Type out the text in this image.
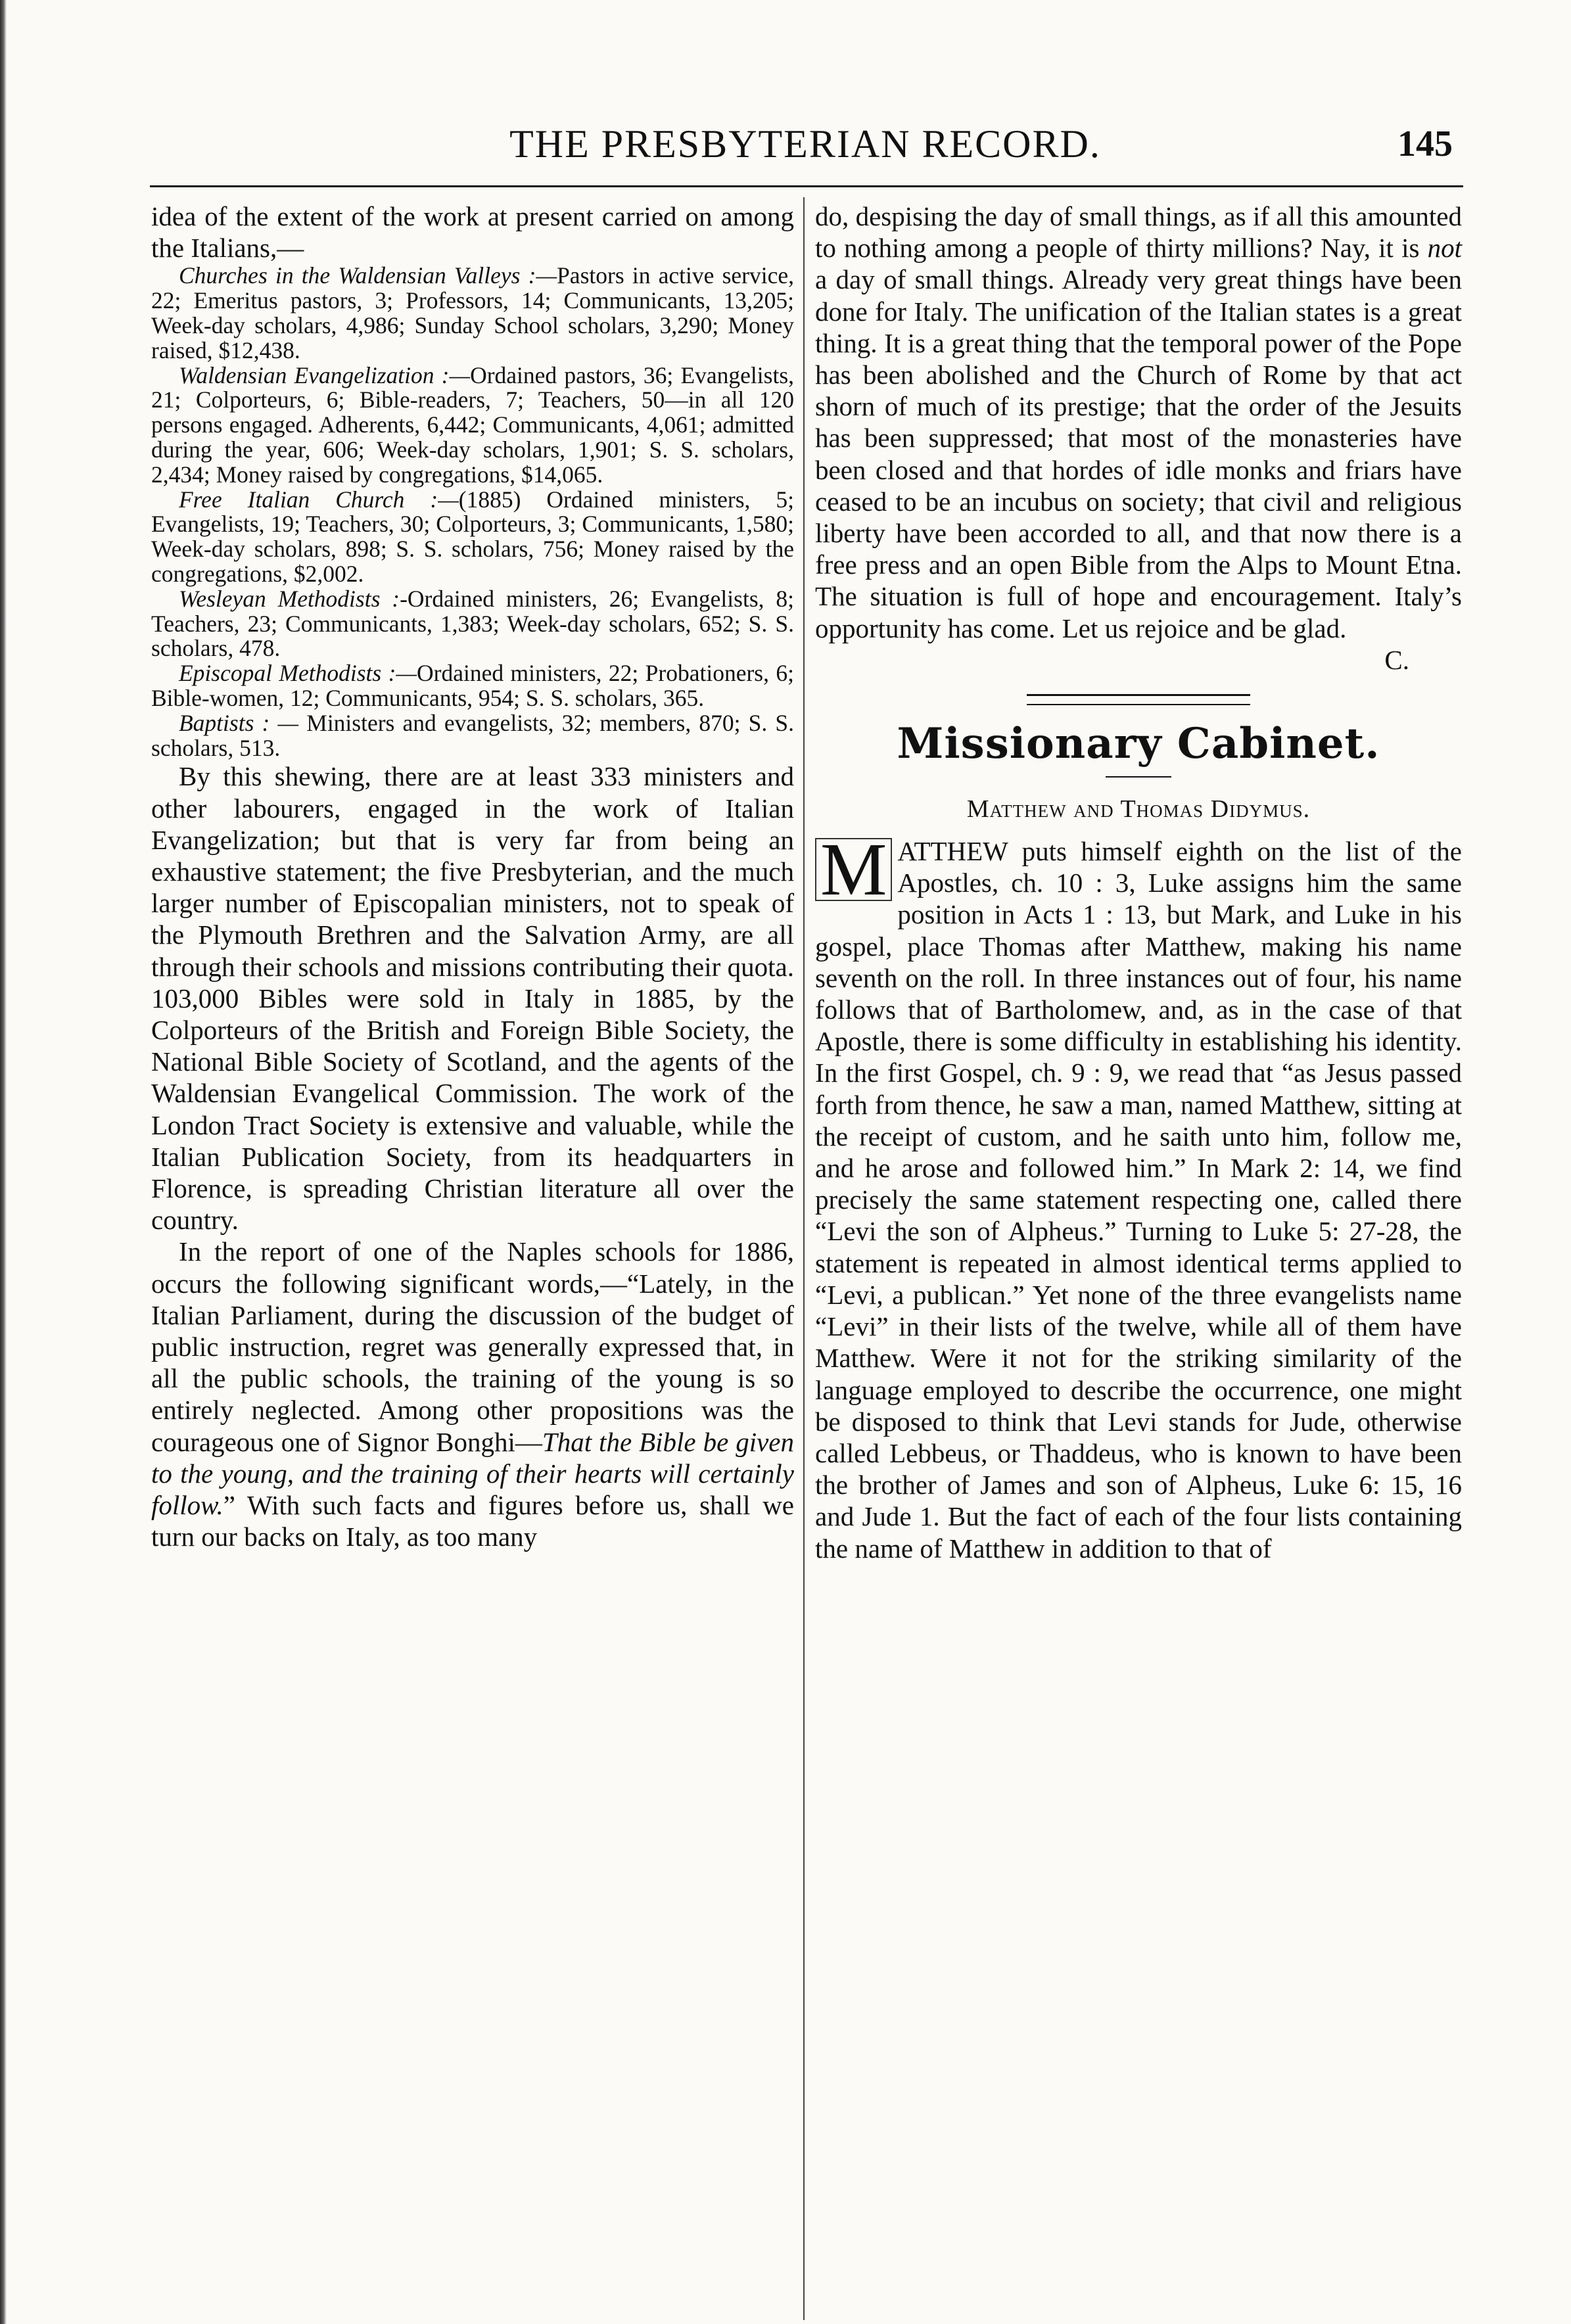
THE PRESBYTERIAN RECORD.	145

idea of the extent of the work at present carried on among the Italians,—

Churches in the Waldensian Valleys :—Pastors in active service, 22; Emeritus pastors, 3; Professors, 14; Communicants, 13,205; Week-day scholars, 4,986; Sunday School scholars, 3,290; Money raised, $12,438.

Waldensian Evangelization :—Ordained pastors, 36; Evangelists, 21; Colporteurs, 6; Bible-readers, 7; Teachers, 50—in all 120 persons engaged. Adherents, 6,442; Communicants, 4,061; admitted during the year, 606; Week-day scholars, 1,901; S. S. scholars, 2,434; Money raised by congregations, $14,065.

Free Italian Church :—(1885) Ordained ministers, 5; Evangelists, 19; Teachers, 30; Colporteurs, 3; Communicants, 1,580; Week-day scholars, 898; S. S. scholars, 756; Money raised by the congregations, $2,002.

Wesleyan Methodists :-Ordained ministers, 26; Evangelists, 8; Teachers, 23; Communicants, 1,383; Week-day scholars, 652; S. S. scholars, 478.

Episcopal Methodists :—Ordained ministers, 22; Probationers, 6; Bible-women, 12; Communicants, 954; S. S. scholars, 365.

Baptists : — Ministers and evangelists, 32; members, 870; S. S. scholars, 513.

By this shewing, there are at least 333 ministers and other labourers, engaged in the work of Italian Evangelization; but that is very far from being an exhaustive statement; the five Presbyterian, and the much larger number of Episcopalian ministers, not to speak of the Plymouth Brethren and the Salvation Army, are all through their schools and missions contributing their quota. 103,000 Bibles were sold in Italy in 1885, by the Colporteurs of the British and Foreign Bible Society, the National Bible Society of Scotland, and the agents of the Waldensian Evangelical Commission. The work of the London Tract Society is extensive and valuable, while the Italian Publication Society, from its headquarters in Florence, is spreading Christian literature all over the country.

In the report of one of the Naples schools for 1886, occurs the following significant words,—“Lately, in the Italian Parliament, during the discussion of the budget of public instruction, regret was generally expressed that, in all the public schools, the training of the young is so entirely neglected. Among other propositions was the courageous one of Signor Bonghi—That the Bible be given to the young, and the training of their hearts will certainly follow.” With such facts and figures before us, shall we turn our backs on Italy, as too many

do, despising the day of small things, as if all this amounted to nothing among a people of thirty millions? Nay, it is not a day of small things. Already very great things have been done for Italy. The unification of the Italian states is a great thing. It is a great thing that the temporal power of the Pope has been abolished and the Church of Rome by that act shorn of much of its prestige; that the order of the Jesuits has been suppressed; that most of the monasteries have been closed and that hordes of idle monks and friars have ceased to be an incubus on society; that civil and religious liberty have been accorded to all, and that now there is a free press and an open Bible from the Alps to Mount Etna. The situation is full of hope and encouragement. Italy’s opportunity has come. Let us rejoice and be glad.

C.

Missionary Cabinet.
Matthew and Thomas Didymus.

M ATTHEW puts himself eighth on the list of the Apostles, ch. 10 : 3, Luke assigns him the same position in Acts 1 : 13, but Mark, and Luke in his gospel, place Thomas after Matthew, making his name seventh on the roll. In three instances out of four, his name follows that of Bartholomew, and, as in the case of that Apostle, there is some difficulty in establishing his identity. In the first Gospel, ch. 9 : 9, we read that “as Jesus passed forth from thence, he saw a man, named Matthew, sitting at the receipt of custom, and he saith unto him, follow me, and he arose and followed him.” In Mark 2: 14, we find precisely the same statement respecting one, called there “Levi the son of Alpheus.” Turning to Luke 5: 27-28, the statement is repeated in almost identical terms applied to “Levi, a publican.” Yet none of the three evangelists name “Levi” in their lists of the twelve, while all of them have Matthew. Were it not for the striking similarity of the language employed to describe the occurrence, one might be disposed to think that Levi stands for Jude, otherwise called Lebbeus, or Thaddeus, who is known to have been the brother of James and son of Alpheus, Luke 6: 15, 16 and Jude 1. But the fact of each of the four lists containing the name of Matthew in addition to that of
